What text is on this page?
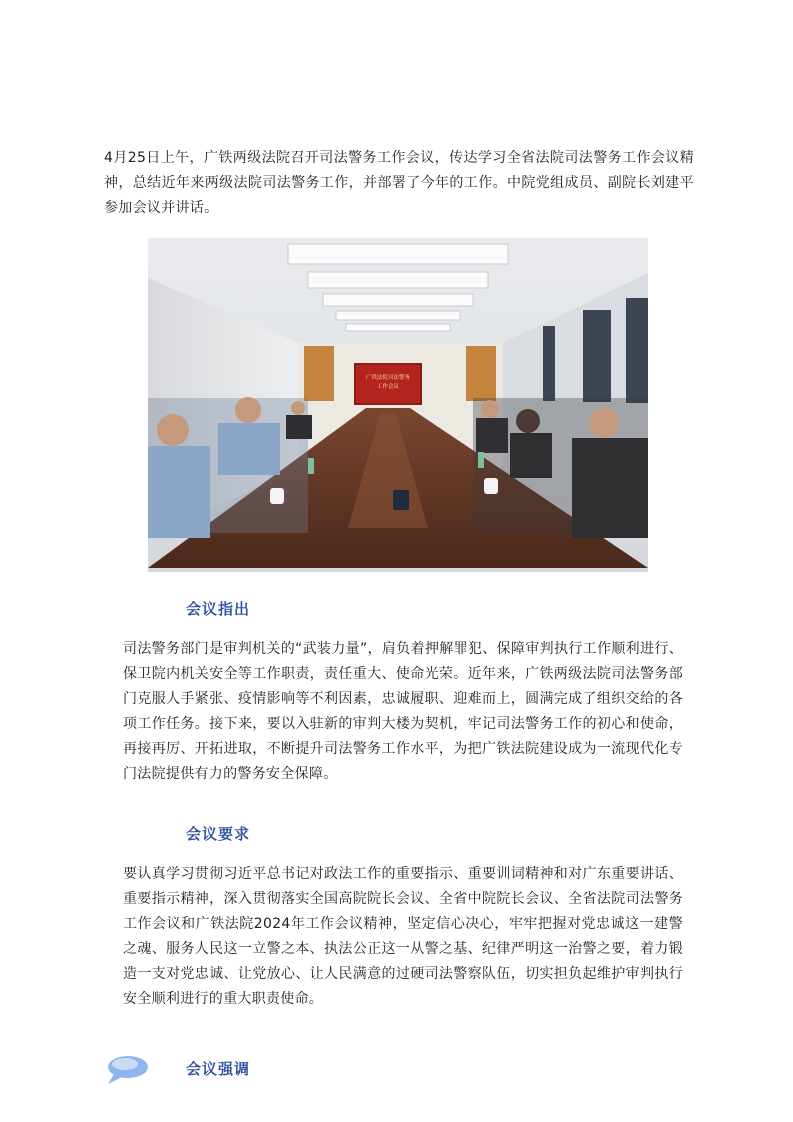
4月25日上午，广铁两级法院召开司法警务工作会议，传达学习全省法院司法警务工作会议精神，总结近年来两级法院司法警务工作，并部署了今年的工作。中院党组成员、副院长刘建平参加会议并讲话。

广铁法院司法警务
工作会议
会议指出

司法警务部门是审判机关的“武装力量”，肩负着押解罪犯、保障审判执行工作顺利进行、保卫院内机关安全等工作职责，责任重大、使命光荣。近年来，广铁两级法院司法警务部门克服人手紧张、疫情影响等不利因素，忠诚履职、迎难而上，圆满完成了组织交给的各项工作任务。接下来，要以入驻新的审判大楼为契机，牢记司法警务工作的初心和使命，再接再厉、开拓进取，不断提升司法警务工作水平，为把广铁法院建设成为一流现代化专门法院提供有力的警务安全保障。

会议要求

要认真学习贯彻习近平总书记对政法工作的重要指示、重要训词精神和对广东重要讲话、重要指示精神，深入贯彻落实全国高院院长会议、全省中院院长会议、全省法院司法警务工作会议和广铁法院2024年工作会议精神，坚定信心决心，牢牢把握对党忠诚这一建警之魂、服务人民这一立警之本、执法公正这一从警之基、纪律严明这一治警之要，着力锻造一支对党忠诚、让党放心、让人民满意的过硬司法警察队伍，切实担负起维护审判执行安全顺利进行的重大职责使命。

会议强调
